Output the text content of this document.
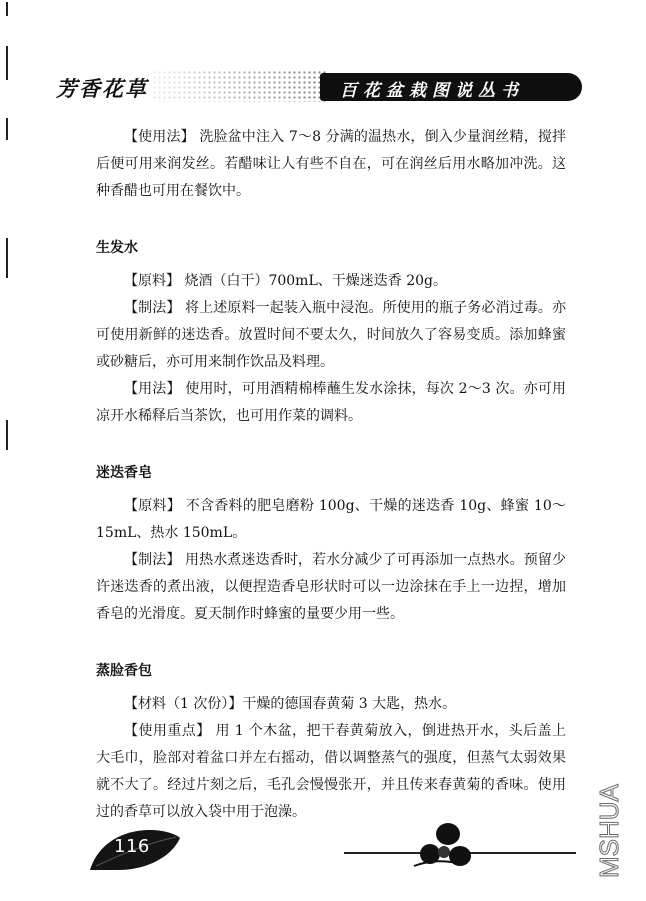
芳香花草	百花盆栽图说丛书

【使用法】 洗脸盆中注入 7～8 分满的温热水，倒入少量润丝精，搅拌后便可用来润发丝。若醋味让人有些不自在，可在润丝后用水略加冲洗。这种香醋也可用在餐饮中。

生发水

【原料】 烧酒（白干）700mL、干燥迷迭香 20g。

【制法】 将上述原料一起装入瓶中浸泡。所使用的瓶子务必消过毒。亦可使用新鲜的迷迭香。放置时间不要太久，时间放久了容易变质。添加蜂蜜或砂糖后，亦可用来制作饮品及料理。

【用法】 使用时，可用酒精棉棒蘸生发水涂抹，每次 2～3 次。亦可用凉开水稀释后当茶饮，也可用作菜的调料。

迷迭香皂

【原料】 不含香料的肥皂磨粉 100g、干燥的迷迭香 10g、蜂蜜 10～15mL、热水 150mL。

【制法】 用热水煮迷迭香时，若水分减少了可再添加一点热水。预留少许迷迭香的煮出液，以便捏造香皂形状时可以一边涂抹在手上一边捏，增加香皂的光滑度。夏天制作时蜂蜜的量要少用一些。

蒸脸香包

【材料（1 次份）】干燥的德国春黄菊 3 大匙，热水。

【使用重点】 用 1 个木盆，把干春黄菊放入，倒进热开水，头后盖上大毛巾，脸部对着盆口并左右摇动，借以调整蒸气的强度，但蒸气太弱效果就不大了。经过片刻之后，毛孔会慢慢张开，并且传来春黄菊的香味。使用过的香草可以放入袋中用于泡澡。

116	MSHUA
